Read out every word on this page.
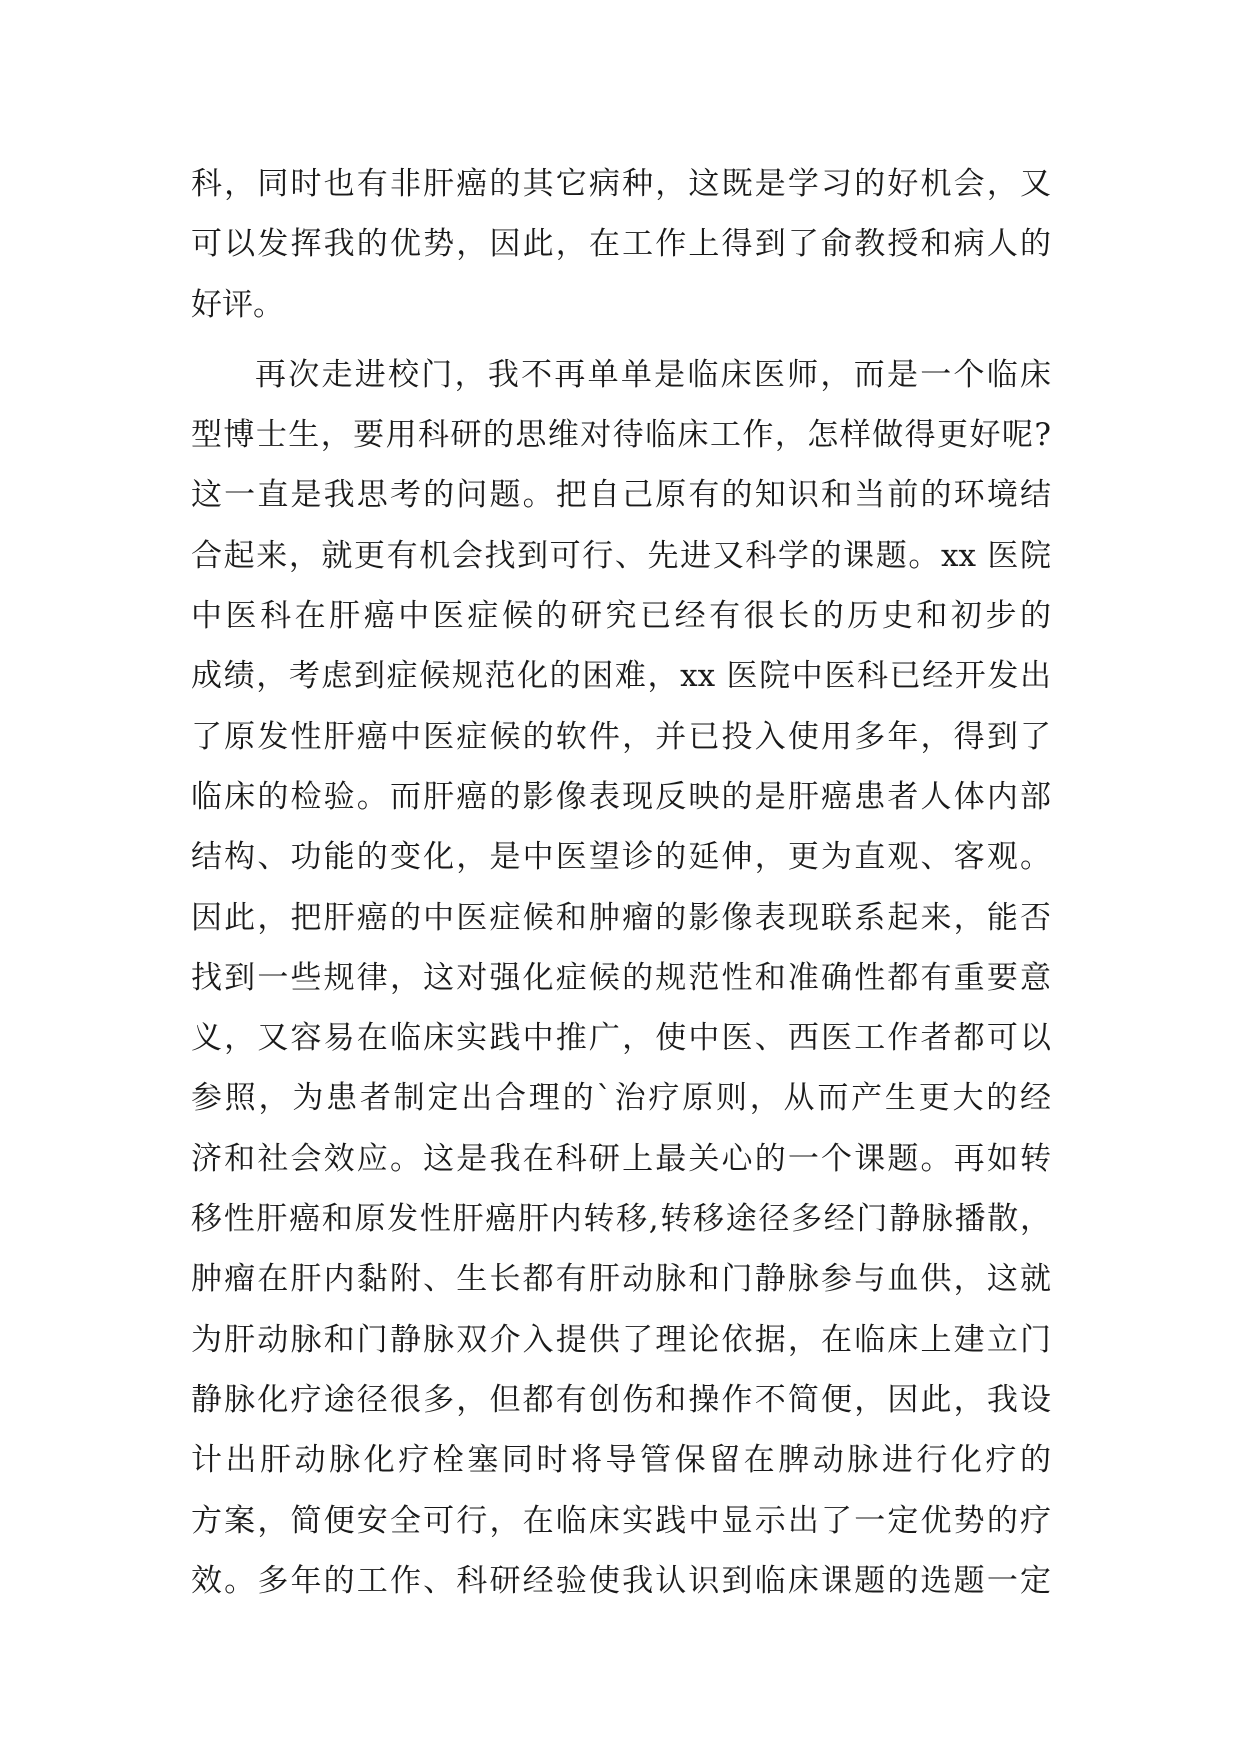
科，同时也有非肝癌的其它病种，这既是学习的好机会，又
可以发挥我的优势，因此，在工作上得到了俞教授和病人的
好评。
再次走进校门，我不再单单是临床医师，而是一个临床
型博士生，要用科研的思维对待临床工作，怎样做得更好呢?
这一直是我思考的问题。把自己原有的知识和当前的环境结
合起来，就更有机会找到可行、先进又科学的课题。xx 医院
中医科在肝癌中医症候的研究已经有很长的历史和初步的
成绩，考虑到症候规范化的困难，xx 医院中医科已经开发出
了原发性肝癌中医症候的软件，并已投入使用多年，得到了
临床的检验。而肝癌的影像表现反映的是肝癌患者人体内部
结构、功能的变化，是中医望诊的延伸，更为直观、客观。
因此，把肝癌的中医症候和肿瘤的影像表现联系起来，能否
找到一些规律，这对强化症候的规范性和准确性都有重要意
义，又容易在临床实践中推广，使中医、西医工作者都可以
参照，为患者制定出合理的`治疗原则，从而产生更大的经
济和社会效应。这是我在科研上最关心的一个课题。再如转
移性肝癌和原发性肝癌肝内转移,转移途径多经门静脉播散，
肿瘤在肝内黏附、生长都有肝动脉和门静脉参与血供，这就
为肝动脉和门静脉双介入提供了理论依据，在临床上建立门
静脉化疗途径很多，但都有创伤和操作不简便，因此，我设
计出肝动脉化疗栓塞同时将导管保留在脾动脉进行化疗的
方案，简便安全可行，在临床实践中显示出了一定优势的疗
效。多年的工作、科研经验使我认识到临床课题的选题一定
